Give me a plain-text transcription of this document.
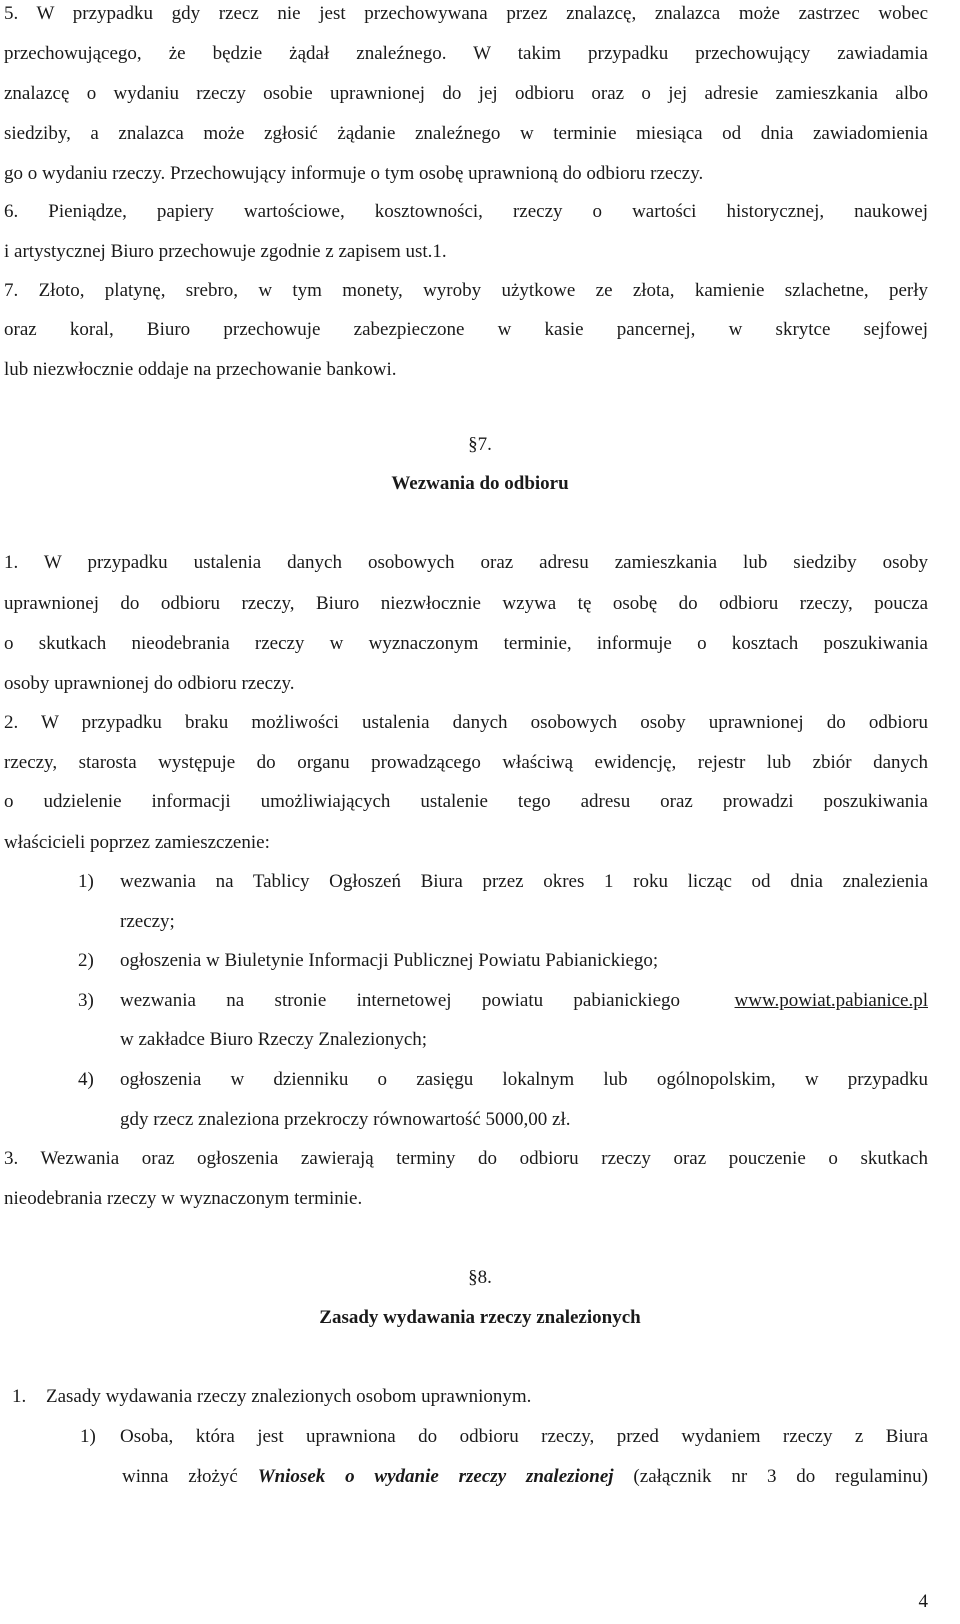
5. W przypadku gdy rzecz nie jest przechowywana przez znalazcę, znalazca może zastrzec wobec
przechowującego, że będzie żądał znaleźnego. W takim przypadku przechowujący zawiadamia
znalazcę o wydaniu rzeczy osobie uprawnionej do jej odbioru oraz o jej adresie zamieszkania albo
siedziby, a znalazca może zgłosić żądanie znaleźnego w terminie miesiąca od dnia zawiadomienia
go o wydaniu rzeczy. Przechowujący informuje o tym osobę uprawnioną do odbioru rzeczy.
6. Pieniądze, papiery wartościowe, kosztowności, rzeczy o wartości historycznej, naukowej
i artystycznej Biuro przechowuje zgodnie z zapisem ust.1.
7. Złoto, platynę, srebro, w tym monety, wyroby użytkowe ze złota, kamienie szlachetne, perły
oraz koral, Biuro przechowuje zabezpieczone w kasie pancernej, w skrytce sejfowej
lub niezwłocznie oddaje na przechowanie bankowi.
§7.
Wezwania do odbioru
1. W przypadku ustalenia danych osobowych oraz adresu zamieszkania lub siedziby osoby
uprawnionej do odbioru rzeczy, Biuro niezwłocznie wzywa tę osobę do odbioru rzeczy, poucza
o skutkach nieodebrania rzeczy w wyznaczonym terminie, informuje o kosztach poszukiwania
osoby uprawnionej do odbioru rzeczy.
2. W przypadku braku możliwości ustalenia danych osobowych osoby uprawnionej do odbioru
rzeczy, starosta występuje do organu prowadzącego właściwą ewidencję, rejestr lub zbiór danych
o udzielenie informacji umożliwiających ustalenie tego adresu oraz prowadzi poszukiwania
właścicieli poprzez zamieszczenie:
1) wezwania na Tablicy Ogłoszeń Biura przez okres 1 roku licząc od dnia znalezienia
rzeczy;
2) ogłoszenia w Biuletynie Informacji Publicznej Powiatu Pabianickiego;
3) wezwania na stronie internetowej powiatu pabianickiego	www.powiat.pabianice.pl
w zakładce Biuro Rzeczy Znalezionych;
4) ogłoszenia w dzienniku o zasięgu lokalnym lub ogólnopolskim, w przypadku
gdy rzecz znaleziona przekroczy równowartość 5000,00 zł.
3. Wezwania oraz ogłoszenia zawierają terminy do odbioru rzeczy oraz pouczenie o skutkach
nieodebrania rzeczy w wyznaczonym terminie.
§8.
Zasady wydawania rzeczy znalezionych
1. Zasady wydawania rzeczy znalezionych osobom uprawnionym.
1) Osoba, która jest uprawniona do odbioru rzeczy, przed wydaniem rzeczy z Biura
winna złożyć Wniosek o wydanie rzeczy znalezionej (załącznik nr 3 do regulaminu)
4
